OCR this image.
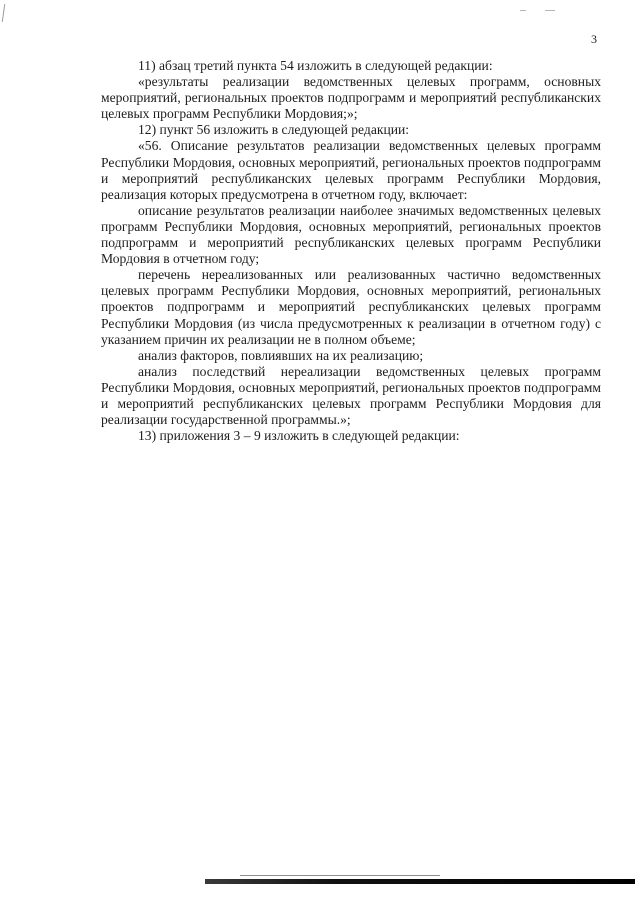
3

11) абзац третий пункта 54 изложить в следующей редакции:

«результаты реализации ведомственных целевых программ, основных мероприятий, региональных проектов подпрограмм и мероприятий республиканских целевых программ Республики Мордовия;»;

12) пункт 56 изложить в следующей редакции:

«56. Описание результатов реализации ведомственных целевых программ Республики Мордовия, основных мероприятий, региональных проектов подпрограмм и мероприятий республиканских целевых программ Республики Мордовия, реализация которых предусмотрена в отчетном году, включает:

описание результатов реализации наиболее значимых ведомственных целевых программ Республики Мордовия, основных мероприятий, региональных проектов подпрограмм и мероприятий республиканских целевых программ Республики Мордовия в отчетном году;

перечень нереализованных или реализованных частично ведомственных целевых программ Республики Мордовия, основных мероприятий, региональных проектов подпрограмм и мероприятий республиканских целевых программ Республики Мордовия (из числа предусмотренных к реализации в отчетном году) с указанием причин их реализации не в полном объеме;

анализ факторов, повлиявших на их реализацию;

анализ последствий нереализации ведомственных целевых программ Республики Мордовия, основных мероприятий, региональных проектов подпрограмм и мероприятий республиканских целевых программ Республики Мордовия для реализации государственной программы.»;

13) приложения 3 – 9 изложить в следующей редакции:
